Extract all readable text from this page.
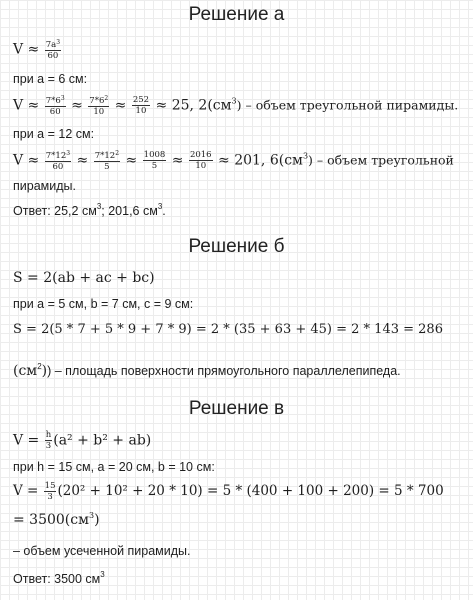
Решение а
$V \approx \frac{7a^3}{60}$
при a = 6 см:
$V \approx \frac{7*6^3}{60} \approx \frac{7*6^2}{10} \approx \frac{252}{10} \approx 25$, $2(см^3)$ – объем треугольной пирамиды.
при a = 12 см:
$V \approx \frac{7*12^3}{60} \approx \frac{7*12^2}{5} \approx \frac{1008}{5} \approx \frac{2016}{10} \approx 201$, $6(см^3)$ – объем треугольной
пирамиды.
Ответ: 25,2 $см^3$; 201,6 $см^3$.
Решение б
S = 2(ab + ac + bc)
при a = 5 см, b = 7 см, c = 9 см:
S = 2(5 * 7 + 5 * 9 + 7 * 9) = 2 * (35 + 63 + 45) = 2 * 143 = 286
$(см^2)$) – площадь поверхности прямоугольного параллелепипеда.
Решение в
$V = \frac{h}{3} (a^2 + b^2 + ab)$
при h = 15 см, a = 20 см, b = 10 см:
$V = \frac{15}{3} (20^2 + 10^2 + 20 * 10) = 5 * (400 + 100 + 200) = 5 * 700$
= $3500(см^3)$
– объем усеченной пирамиды.
Ответ: 3500 $см^3$
